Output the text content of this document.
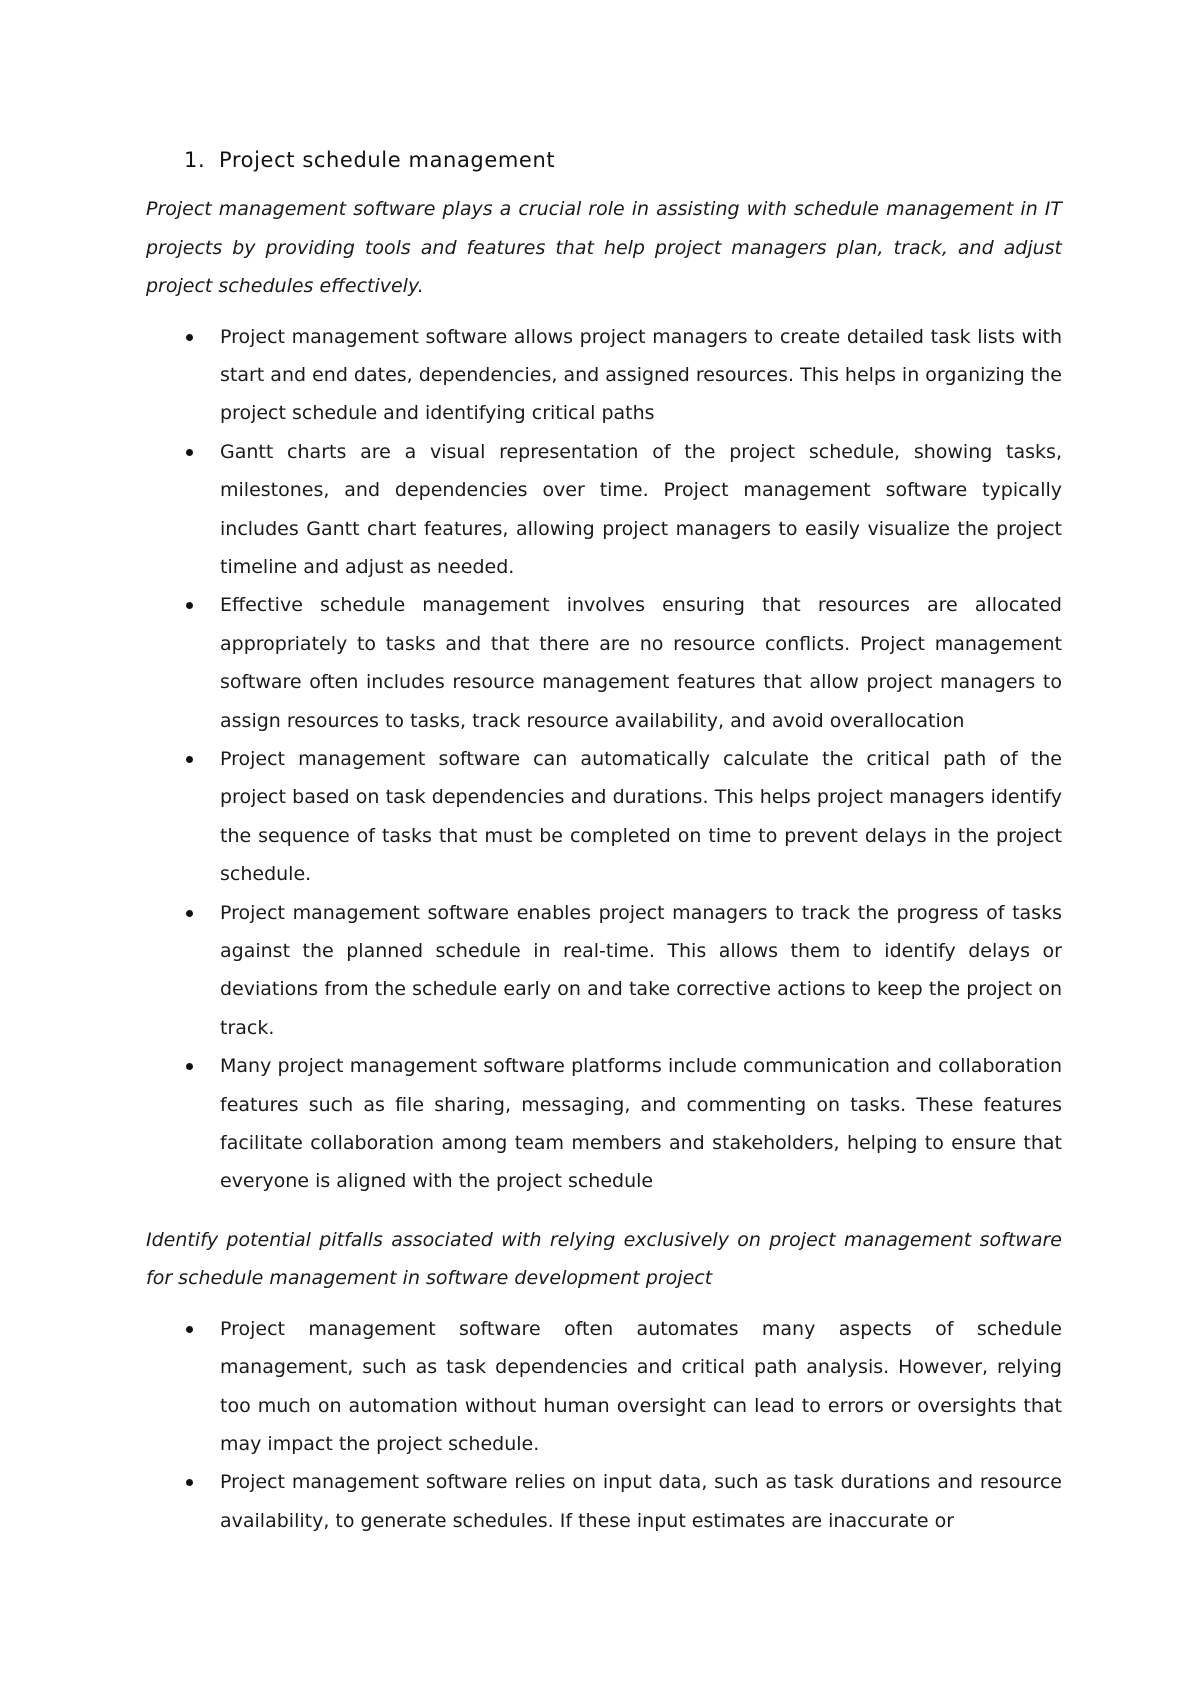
1. Project schedule management

Project management software plays a crucial role in assisting with schedule management in IT projects by providing tools and features that help project managers plan, track, and adjust project schedules effectively.

Project management software allows project managers to create detailed task lists with start and end dates, dependencies, and assigned resources. This helps in organizing the project schedule and identifying critical paths
Gantt charts are a visual representation of the project schedule, showing tasks, milestones, and dependencies over time. Project management software typically includes Gantt chart features, allowing project managers to easily visualize the project timeline and adjust as needed.
Effective schedule management involves ensuring that resources are allocated appropriately to tasks and that there are no resource conflicts. Project management software often includes resource management features that allow project managers to assign resources to tasks, track resource availability, and avoid overallocation
Project management software can automatically calculate the critical path of the project based on task dependencies and durations. This helps project managers identify the sequence of tasks that must be completed on time to prevent delays in the project schedule.
Project management software enables project managers to track the progress of tasks against the planned schedule in real-time. This allows them to identify delays or deviations from the schedule early on and take corrective actions to keep the project on track.
Many project management software platforms include communication and collaboration features such as file sharing, messaging, and commenting on tasks. These features facilitate collaboration among team members and stakeholders, helping to ensure that everyone is aligned with the project schedule

Identify potential pitfalls associated with relying exclusively on project management software for schedule management in software development project

Project management software often automates many aspects of schedule management, such as task dependencies and critical path analysis. However, relying too much on automation without human oversight can lead to errors or oversights that may impact the project schedule.
Project management software relies on input data, such as task durations and resource availability, to generate schedules. If these input estimates are inaccurate or
